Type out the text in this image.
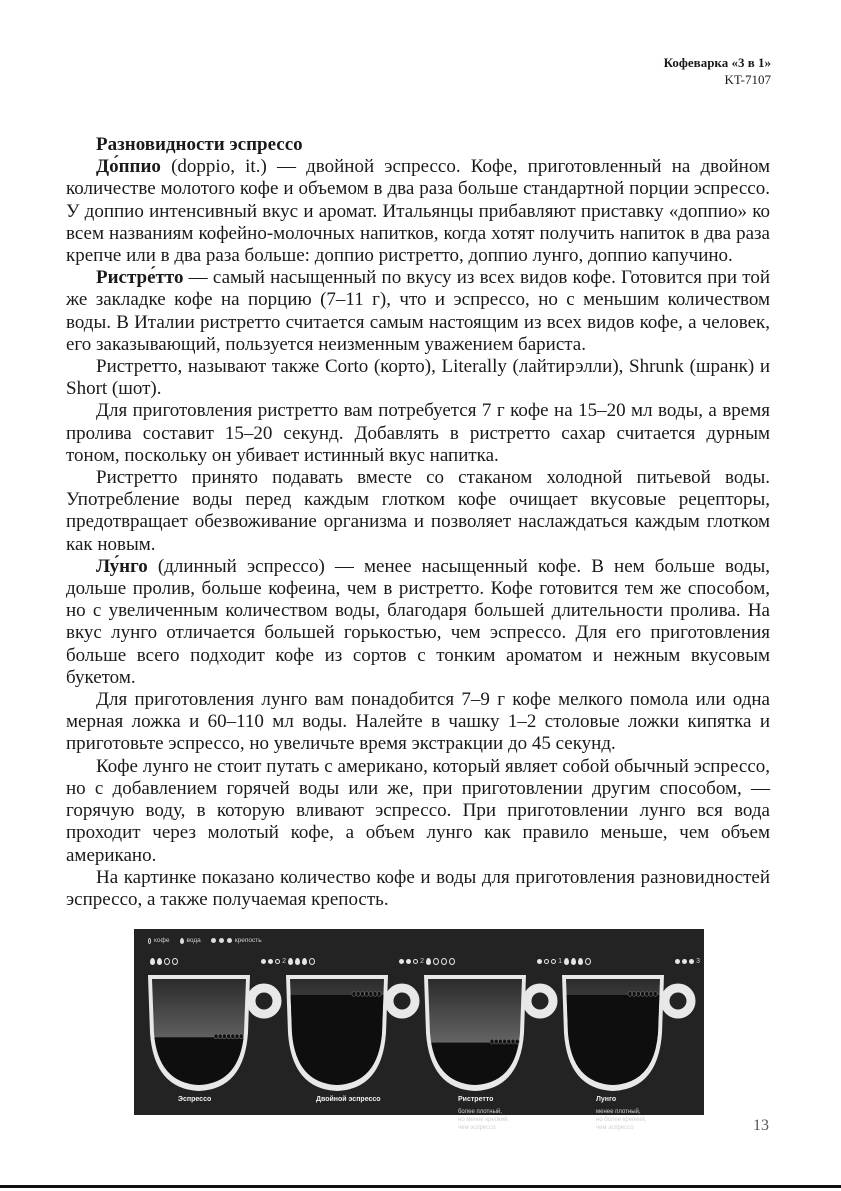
Кофеварка «3 в 1»
KT-7107
Разновидности эспрессо

До́ппио (doppio, it.) — двойной эспрессо. Кофе, приготовленный на двойном количестве молотого кофе и объемом в два раза больше стандартной порции эспрессо. У доппио интенсивный вкус и аромат. Итальянцы прибавляют приставку «доппио» ко всем названиям кофейно-молочных напитков, когда хотят получить напиток в два раза крепче или в два раза больше: доппио ристретто, доппио лунго, доппио капучино.

Ристре́тто — самый насыщенный по вкусу из всех видов кофе. Готовится при той же закладке кофе на порцию (7–11 г), что и эспрессо, но с меньшим количеством воды. В Италии ристретто считается самым настоящим из всех видов кофе, а человек, его заказывающий, пользуется неизменным уважением бариста.

Ристретто, называют также Corto (корто), Literally (лайтирэлли), Shrunk (шранк) и Short (шот).

Для приготовления ристретто вам потребуется 7 г кофе на 15–20 мл воды, а время пролива составит 15–20 секунд. Добавлять в ристретто сахар считается дурным тоном, поскольку он убивает истинный вкус напитка.

Ристретто принято подавать вместе со стаканом холодной питьевой воды. Употребление воды перед каждым глотком кофе очищает вкусовые рецепторы, предотвращает обезвоживание организма и позволяет наслаждаться каждым глотком как новым.

Лу́нго (длинный эспрессо) — менее насыщенный кофе. В нем больше воды, дольше пролив, больше кофеина, чем в ристретто. Кофе готовится тем же способом, но с увеличенным количеством воды, благодаря большей длительности пролива. На вкус лунго отличается большей горькостью, чем эспрессо. Для его приготовления больше всего подходит кофе из сортов с тонким ароматом и нежным вкусовым букетом.

Для приготовления лунго вам понадобится 7–9 г кофе мелкого помола или одна мерная ложка и 60–110 мл воды. Налейте в чашку 1–2 столовые ложки кипятка и приготовьте эспрессо, но увеличьте время экстракции до 45 секунд.

Кофе лунго не стоит путать с американо, который являет собой обычный эспрессо, но с добавлением горячей воды или же, при приготовлении другим способом, — горячую воду, в которую вливают эспрессо. При приготовлении лунго вся вода проходит через молотый кофе, а объем лунго как правило меньше, чем объем американо.

На картинке показано количество кофе и воды для приготовления разновидностей эспрессо, а также получаемая крепость.

кофе	вода	крепость
2
Эспрессо
2
Двойной эспрессо
1
Ристретто
более плотный,
но менее крепкий,
чем эспрессо
3
Лунго
менее плотный,
но более крепкий,
чем эспрессо	13
